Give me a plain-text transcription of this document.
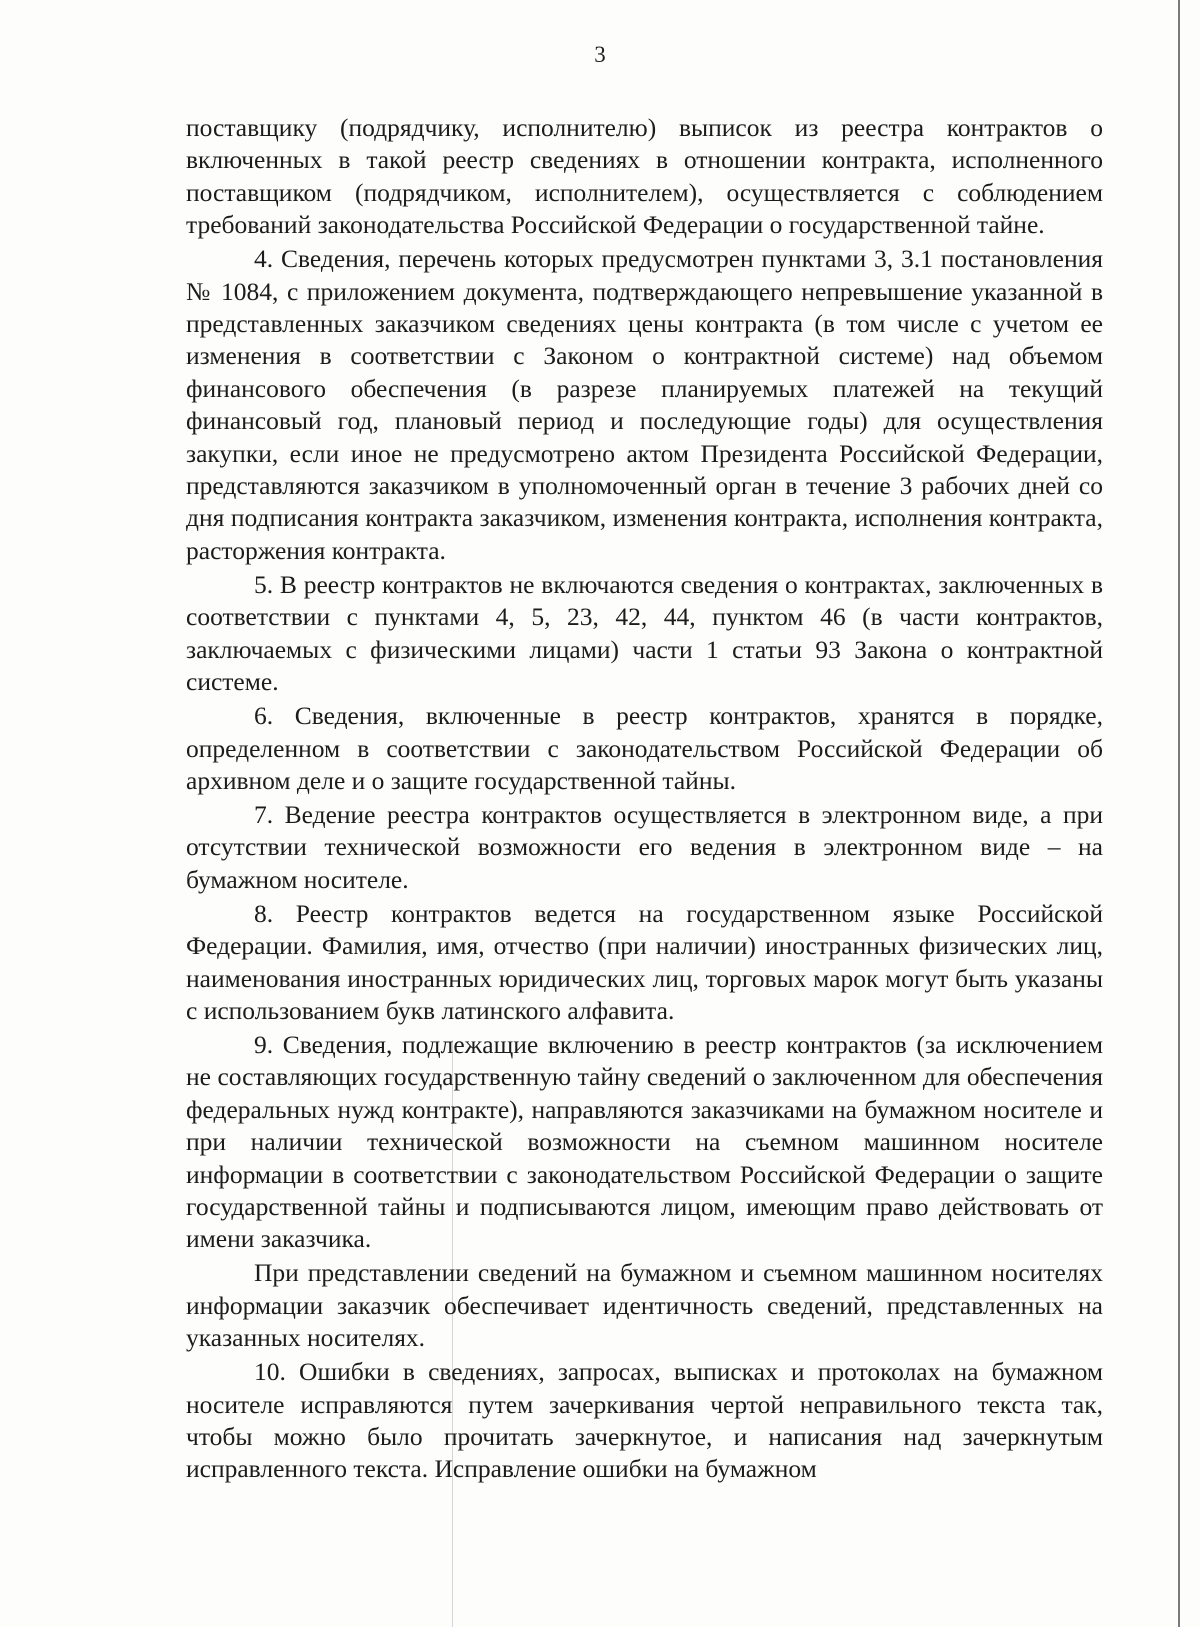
3

поставщику (подрядчику, исполнителю) выписок из реестра контрактов о включенных в такой реестр сведениях в отношении контракта, исполненного поставщиком (подрядчиком, исполнителем), осуществляется с соблюдением требований законодательства Российской Федерации о государственной тайне.

4. Сведения, перечень которых предусмотрен пунктами 3, 3.1 постановления № 1084, с приложением документа, подтверждающего непревышение указанной в представленных заказчиком сведениях цены контракта (в том числе с учетом ее изменения в соответствии с Законом о контрактной системе) над объемом финансового обеспечения (в разрезе планируемых платежей на текущий финансовый год, плановый период и последующие годы) для осуществления закупки, если иное не предусмотрено актом Президента Российской Федерации, представляются заказчиком в уполномоченный орган в течение 3 рабочих дней со дня подписания контракта заказчиком, изменения контракта, исполнения контракта, расторжения контракта.

5. В реестр контрактов не включаются сведения о контрактах, заключенных в соответствии с пунктами 4, 5, 23, 42, 44, пунктом 46 (в части контрактов, заключаемых с физическими лицами) части 1 статьи 93 Закона о контрактной системе.

6. Сведения, включенные в реестр контрактов, хранятся в порядке, определенном в соответствии с законодательством Российской Федерации об архивном деле и о защите государственной тайны.

7. Ведение реестра контрактов осуществляется в электронном виде, а при отсутствии технической возможности его ведения в электронном виде – на бумажном носителе.

8. Реестр контрактов ведется на государственном языке Российской Федерации. Фамилия, имя, отчество (при наличии) иностранных физических лиц, наименования иностранных юридических лиц, торговых марок могут быть указаны с использованием букв латинского алфавита.

9. Сведения, подлежащие включению в реестр контрактов (за исключением не составляющих государственную тайну сведений о заключенном для обеспечения федеральных нужд контракте), направляются заказчиками на бумажном носителе и при наличии технической возможности на съемном машинном носителе информации в соответствии с законодательством Российской Федерации о защите государственной тайны и подписываются лицом, имеющим право действовать от имени заказчика.

При представлении сведений на бумажном и съемном машинном носителях информации заказчик обеспечивает идентичность сведений, представленных на указанных носителях.

10. Ошибки в сведениях, запросах, выписках и протоколах на бумажном носителе исправляются путем зачеркивания чертой неправильного текста так, чтобы можно было прочитать зачеркнутое, и написания над зачеркнутым исправленного текста. Исправление ошибки на бумажном
